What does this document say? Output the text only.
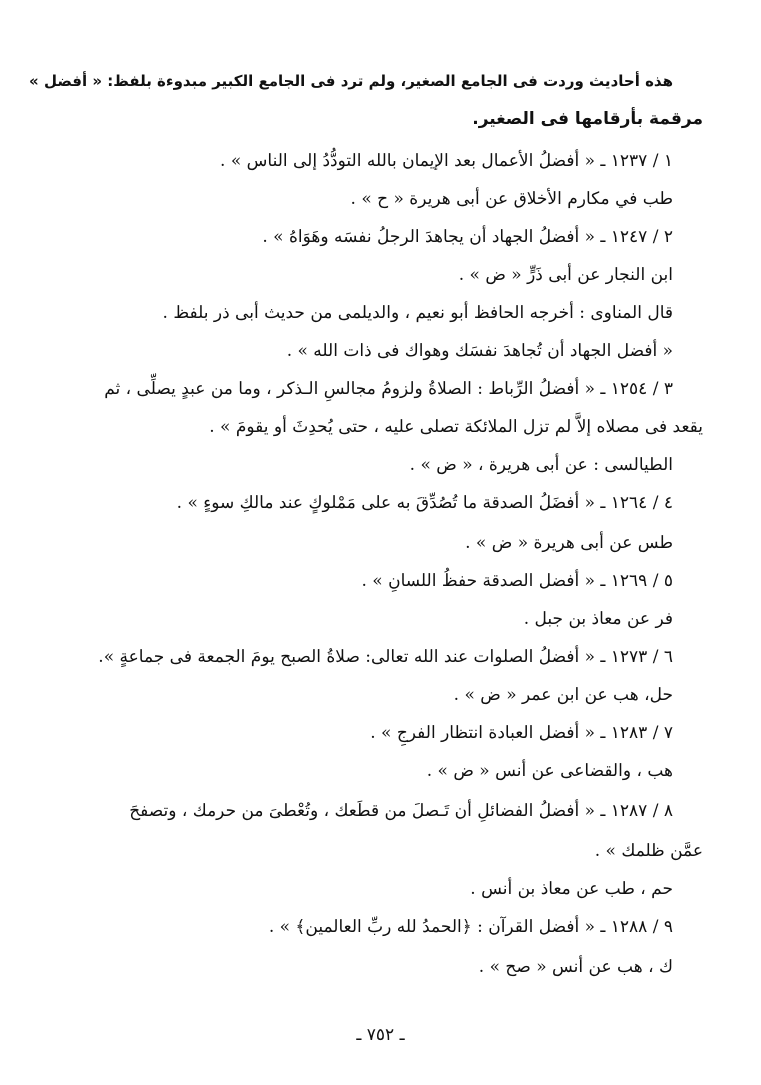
هذه أحاديث وردت فى الجامع الصغير، ولم ترد فى الجامع الكبير مبدوءة بلفظ: « أفضل »
مرقمة بأرقامها فى الصغير.
١ / ١٢٣٧ ـ « أفضلُ الأعمال بعد الإيمان بالله التودُّدُ إلى الناس » .
طب في مكارم الأخلاق عن أبى هريرة « ح » .
٢ / ١٢٤٧ ـ « أفضلُ الجهاد أن يجاهدَ الرجلُ نفسَه وهَوَاهُ » .
ابن النجار عن أبى ذَرٍّ « ض » .
قال المناوى : أخرجه الحافظ أبو نعيم ، والديلمى من حديث أبى ذر بلفظ .
« أفضل الجهاد أن تُجاهدَ نفسَك وهواك فى ذات الله » .
٣ / ١٢٥٤ ـ « أفضلُ الرِّباط : الصلاةُ ولزومُ مجالسِ الـذكر ، وما من عبدٍ يصلِّى ، ثم
يقعد فى مصلاه إلاَّ لم تزل الملائكة تصلى عليه ، حتى يُحدِثَ أو يقومَ » .
الطيالسى : عن أبى هريرة ، « ض » .
٤ / ١٢٦٤ ـ « أفضَلُ الصدقة ما تُصُدِّقَ به على مَمْلوكٍ عند مالكِ سوءٍ » .
طس عن أبى هريرة « ض » .
٥ / ١٢٦٩ ـ « أفضل الصدقة حفظُ اللسانِ » .
فر عن معاذ بن جبل .
٦ / ١٢٧٣ ـ « أفضلُ الصلوات عند الله تعالى: صلاةُ الصبح يومَ الجمعة فى جماعةٍ ».
حل، هب عن ابن عمر « ض » .
٧ / ١٢٨٣ ـ « أفضل العبادة انتظار الفرجِ » .
هب ، والقضاعى عن أنس « ض » .
٨ / ١٢٨٧ ـ « أفضلُ الفضائلِ أن تَـصلَ من قطَعك ، وتُعْطىَ من حرمك ، وتصفحَ
عمَّن ظلمك » .
حم ، طب عن معاذ بن أنس .
٩ / ١٢٨٨ ـ « أفضل القرآن : ﴿الحمدُ لله ربِّ العالمين﴾ » .
ك ، هب عن أنس « صح » .
ـ ٧٥٢ ـ
